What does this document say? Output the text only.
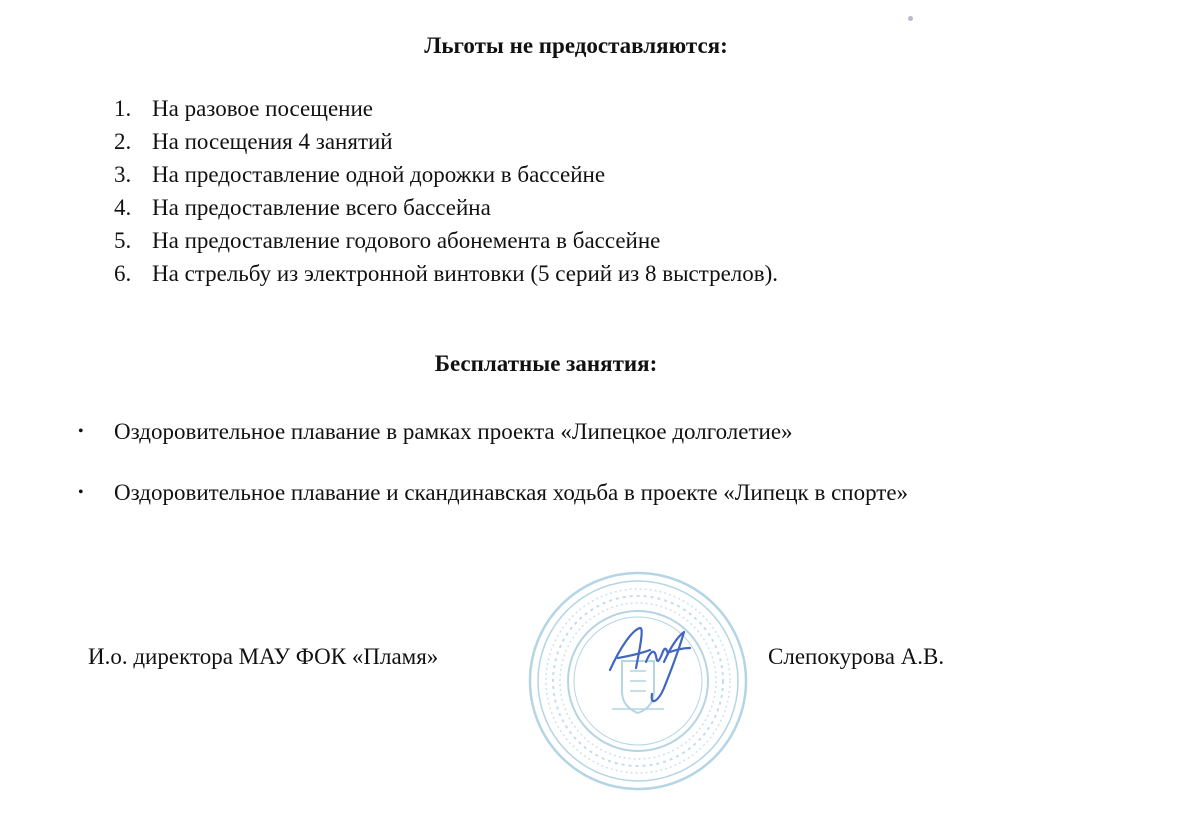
Льготы не предоставляются:
1. На разовое посещение
2. На посещения 4 занятий
3. На предоставление одной дорожки в бассейне
4. На предоставление всего бассейна
5. На предоставление годового абонемента в бассейне
6. На стрельбу из электронной винтовки (5 серий из 8 выстрелов).
Бесплатные занятия:
•	Оздоровительное плавание в рамках проекта «Липецкое долголетие»
•	Оздоровительное плавание и скандинавская ходьба в проекте «Липецк в спорте»
И.о. директора МАУ ФОК «Пламя»	Слепокурова А.В.
